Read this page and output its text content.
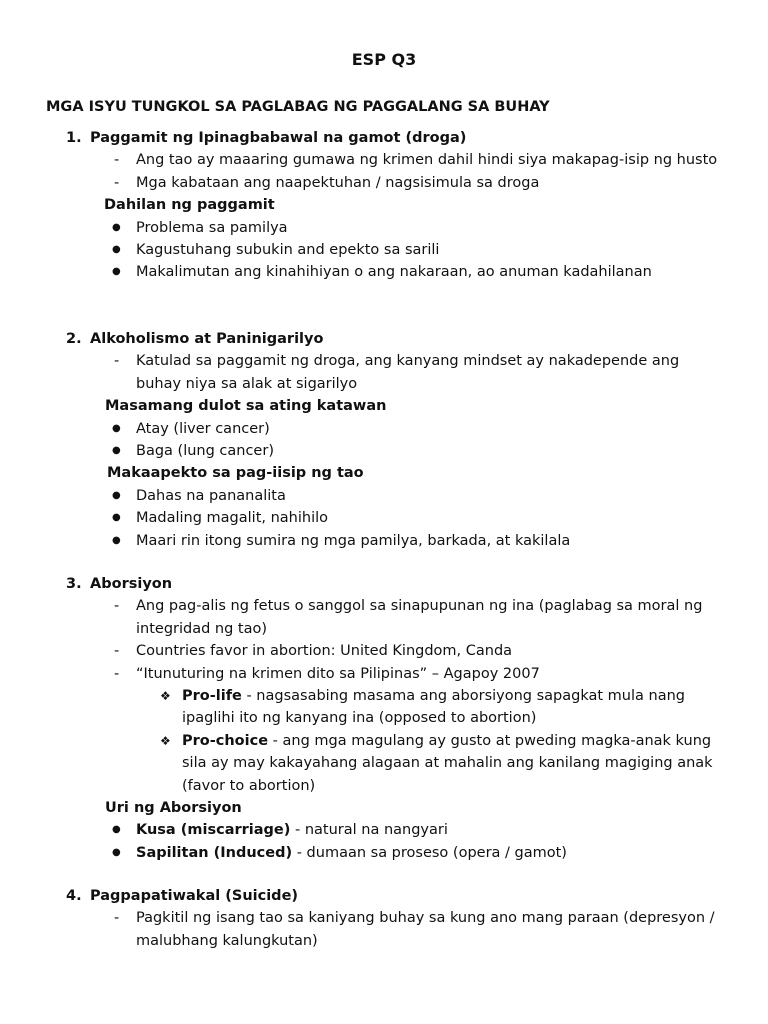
ESP Q3
MGA ISYU TUNGKOL SA PAGLABAG NG PAGGALANG SA BUHAY
1. Paggamit ng Ipinagbabawal na gamot (droga)
- Ang tao ay maaaring gumawa ng krimen dahil hindi siya makapag-isip ng husto
- Mga kabataan ang naapektuhan / nagsisimula sa droga
Dahilan ng paggamit
● Problema sa pamilya
● Kagustuhang subukin and epekto sa sarili
● Makalimutan ang kinahihiyan o ang nakaraan, ao anuman kadahilanan
2. Alkoholismo at Paninigarilyo
- Katulad sa paggamit ng droga, ang kanyang mindset ay nakadepende ang buhay niya sa alak at sigarilyo
Masamang dulot sa ating katawan
● Atay (liver cancer)
● Baga (lung cancer)
Makaapekto sa pag-iisip ng tao
● Dahas na pananalita
● Madaling magalit, nahihilo
● Maari rin itong sumira ng mga pamilya, barkada, at kakilala
3. Aborsiyon
- Ang pag-alis ng fetus o sanggol sa sinapupunan ng ina (paglabag sa moral ng integridad ng tao)
- Countries favor in abortion: United Kingdom, Canda
- “Itunuturing na krimen dito sa Pilipinas” – Agapoy 2007
❖ Pro-life - nagsasabing masama ang aborsiyong sapagkat mula nang ipaglihi ito ng kanyang ina (opposed to abortion)
❖ Pro-choice - ang mga magulang ay gusto at pweding magka-anak kung sila ay may kakayahang alagaan at mahalin ang kanilang magiging anak (favor to abortion)
Uri ng Aborsiyon
● Kusa (miscarriage) - natural na nangyari
● Sapilitan (Induced) - dumaan sa proseso (opera / gamot)
4. Pagpapatiwakal (Suicide)
- Pagkitil ng isang tao sa kaniyang buhay sa kung ano mang paraan (depresyon / malubhang kalungkutan)
